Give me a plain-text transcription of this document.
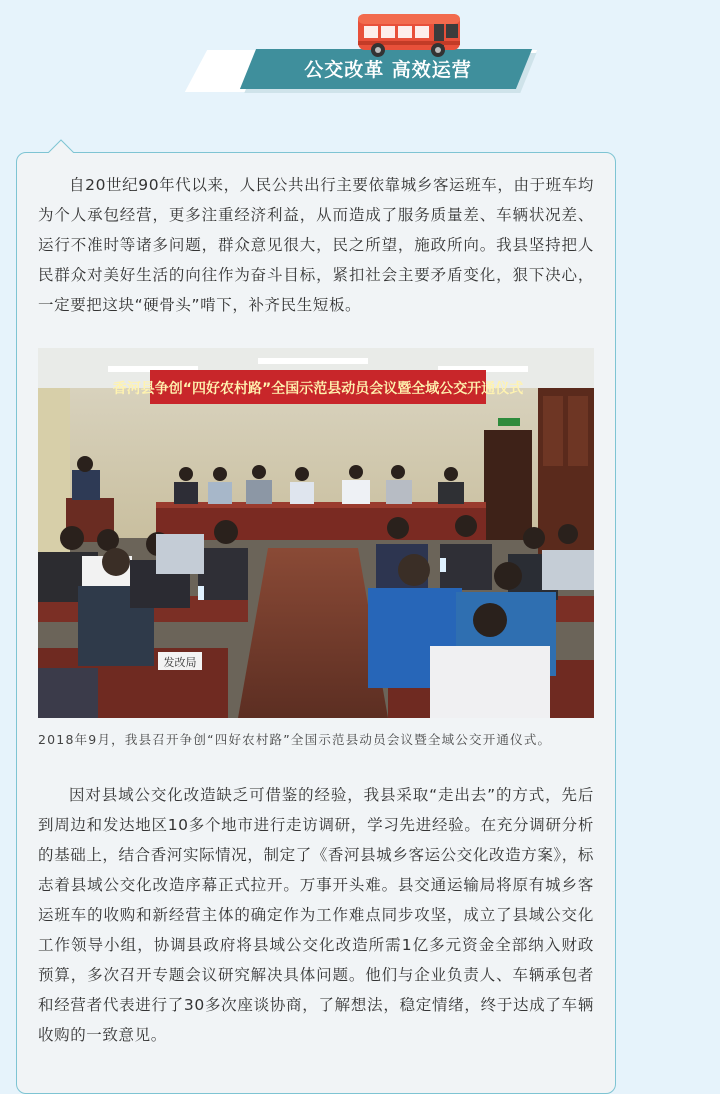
公交改革 高效运营

自20世纪90年代以来，人民公共出行主要依靠城乡客运班车，由于班车均为个人承包经营，更多注重经济利益，从而造成了服务质量差、车辆状况差、运行不准时等诸多问题，群众意见很大，民之所望，施政所向。我县坚持把人民群众对美好生活的向往作为奋斗目标，紧扣社会主要矛盾变化，狠下决心，一定要把这块“硬骨头”啃下，补齐民生短板。

香河县争创“四好农村路”全国示范县动员会议暨全域公交开通仪式
发改局

2018年9月，我县召开争创“四好农村路”全国示范县动员会议暨全域公交开通仪式。

因对县域公交化改造缺乏可借鉴的经验，我县采取“走出去”的方式，先后到周边和发达地区10多个地市进行走访调研，学习先进经验。在充分调研分析的基础上，结合香河实际情况，制定了《香河县城乡客运公交化改造方案》，标志着县域公交化改造序幕正式拉开。万事开头难。县交通运输局将原有城乡客运班车的收购和新经营主体的确定作为工作难点同步攻坚，成立了县域公交化工作领导小组，协调县政府将县域公交化改造所需1亿多元资金全部纳入财政预算，多次召开专题会议研究解决具体问题。他们与企业负责人、车辆承包者和经营者代表进行了30多次座谈协商，了解想法，稳定情绪，终于达成了车辆收购的一致意见。
